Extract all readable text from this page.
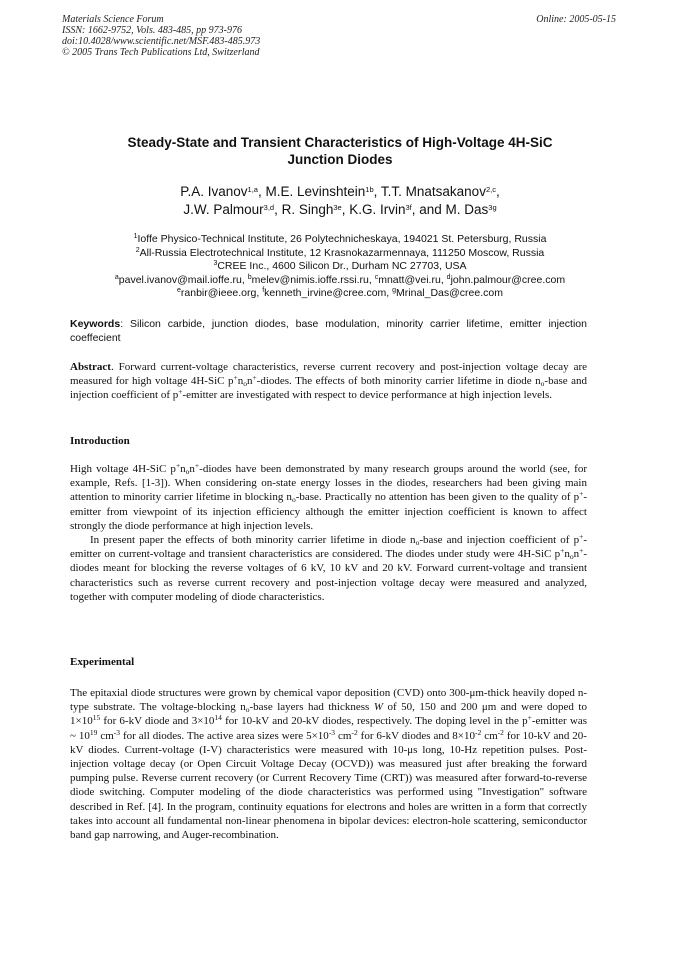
Materials Science Forum
ISSN: 1662-9752, Vols. 483-485, pp 973-976
doi:10.4028/www.scientific.net/MSF.483-485.973
© 2005 Trans Tech Publications Ltd, Switzerland
Online: 2005-05-15
Steady-State and Transient Characteristics of High-Voltage 4H-SiC
Junction Diodes
P.A. Ivanov$^{1,a}$, M.E. Levinshtein$^{1b}$, T.T. Mnatsakanov$^{2,c}$,
J.W. Palmour$^{3,d}$, R. Singh$^{3e}$, K.G. Irvin$^{3f}$, and M. Das$^{3g}$
$^1$Ioffe Physico-Technical Institute, 26 Polytechnicheskaya, 194021 St. Petersburg, Russia
$^2$All-Russia Electrotechnical Institute, 12 Krasnokazarmennaya, 111250 Moscow, Russia
$^3$CREE Inc., 4600 Silicon Dr., Durham NC 27703, USA
$^a$pavel.ivanov@mail.ioffe.ru, $^b$melev@nimis.ioffe.rssi.ru, $^c$mnatt@vei.ru, $^d$john.palmour@cree.com
$^e$ranbir@ieee.org, $^f$kenneth_irvine@cree.com, $^g$Mrinal_Das@cree.com
Keywords: Silicon carbide, junction diodes, base modulation, minority carrier lifetime, emitter injection coeffecient

Abstract. Forward current-voltage characteristics, reverse current recovery and post-injection voltage decay are measured for high voltage 4H-SiC $p^+n_on^+$-diodes. The effects of both minority carrier lifetime in diode $n_o$-base and injection coefficient of p+-emitter are investigated with respect to device performance at high injection levels.

Introduction

High voltage 4H-SiC $p^+n_on^+$-diodes have been demonstrated by many research groups around the world (see, for example, Refs. [1-3]). When considering on-state energy losses in the diodes, researchers had been giving main attention to minority carrier lifetime in blocking $n_o$-base. Practically no attention has been given to the quality of p+-emitter from viewpoint of its injection efficiency although the emitter injection coefficient is known to affect strongly the diode performance at high injection levels.

In present paper the effects of both minority carrier lifetime in diode $n_o$-base and injection coefficient of p+-emitter on current-voltage and transient characteristics are considered. The diodes under study were 4H-SiC $p^+n_on^+$-diodes meant for blocking the reverse voltages of 6 kV, 10 kV and 20 kV. Forward current-voltage and transient characteristics such as reverse current recovery and post-injection voltage decay were measured and analyzed, together with computer modeling of diode characteristics.

Experimental

The epitaxial diode structures were grown by chemical vapor deposition (CVD) onto 300-μm-thick heavily doped n-type substrate. The voltage-blocking $n_o$-base layers had thickness W of 50, 150 and 200 μm and were doped to $1\times 10^{15}$ for 6-kV diode and $3\times 10^{14}$ for 10-kV and 20-kV diodes, respectively. The doping level in the p+-emitter was ~ $10^{19}$ $cm^{-3}$ for all diodes. The active area sizes were $5\times 10^{-3}$ $cm^{-2}$ for 6-kV diodes and $8\times 10^{-2}$ $cm^{-2}$ for 10-kV and 20-kV diodes. Current-voltage (I-V) characteristics were measured with 10-μs long, 10-Hz repetition pulses. Post-injection voltage decay (or Open Circuit Voltage Decay (OCVD)) was measured just after breaking the forward pumping pulse. Reverse current recovery (or Current Recovery Time (CRT)) was measured after forward-to-reverse diode switching. Computer modeling of the diode characteristics was performed using "Investigation" software described in Ref. [4]. In the program, continuity equations for electrons and holes are written in a form that correctly takes into account all fundamental non-linear phenomena in bipolar devices: electron-hole scattering, semiconductor band gap narrowing, and Auger-recombination.
